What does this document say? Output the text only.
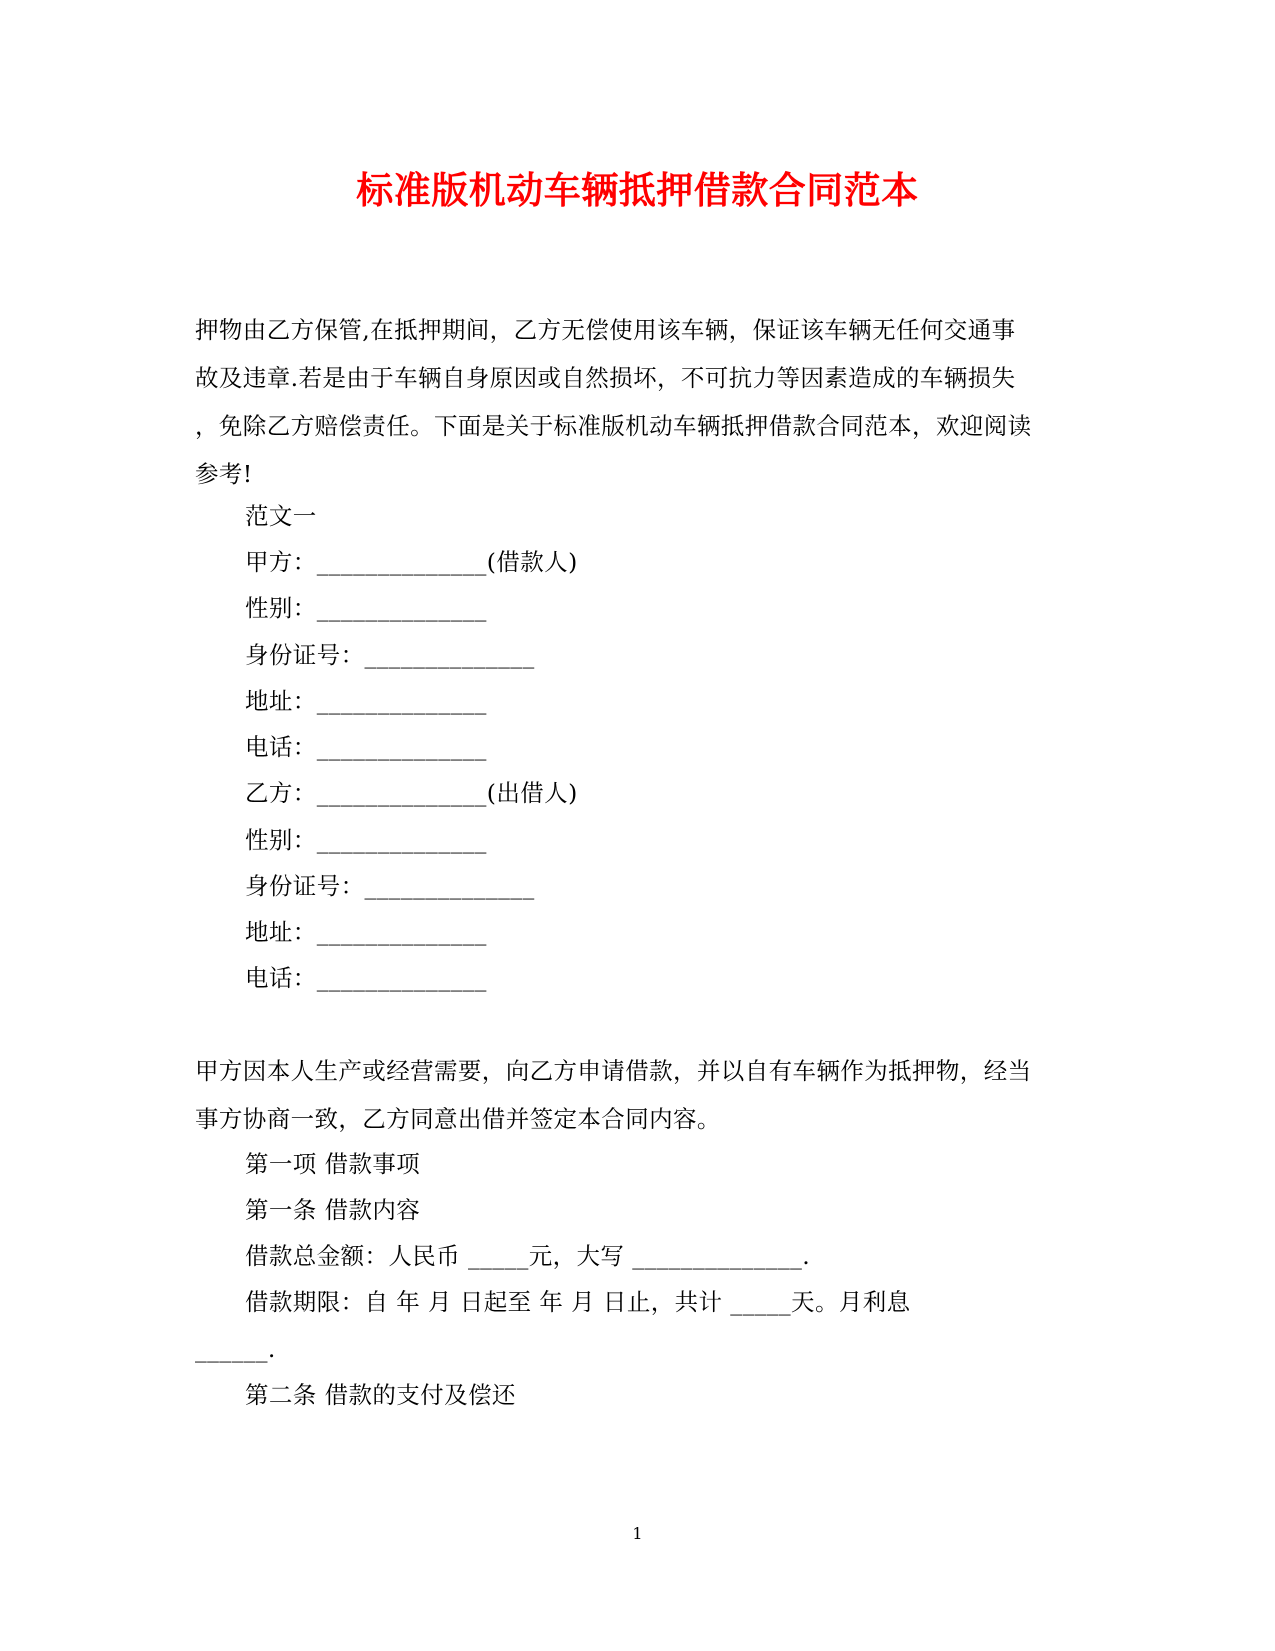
标准版机动车辆抵押借款合同范本
押物由乙方保管,在抵押期间，乙方无偿使用该车辆，保证该车辆无任何交通事
故及违章.若是由于车辆自身原因或自然损坏，不可抗力等因素造成的车辆损失
，免除乙方赔偿责任。下面是关于标准版机动车辆抵押借款合同范本，欢迎阅读
参考!
范文一
甲方：______________(借款人)
性别：______________
身份证号：______________
地址：______________
电话：______________
乙方：______________(出借人)
性别：______________
身份证号：______________
地址：______________
电话：______________
甲方因本人生产或经营需要，向乙方申请借款，并以自有车辆作为抵押物，经当
事方协商一致，乙方同意出借并签定本合同内容。
第一项 借款事项
第一条 借款内容
借款总金额：人民币 _____元，大写 ______________.
借款期限：自 年 月 日起至 年 月 日止，共计 _____天。月利息
______.
第二条 借款的支付及偿还
1
